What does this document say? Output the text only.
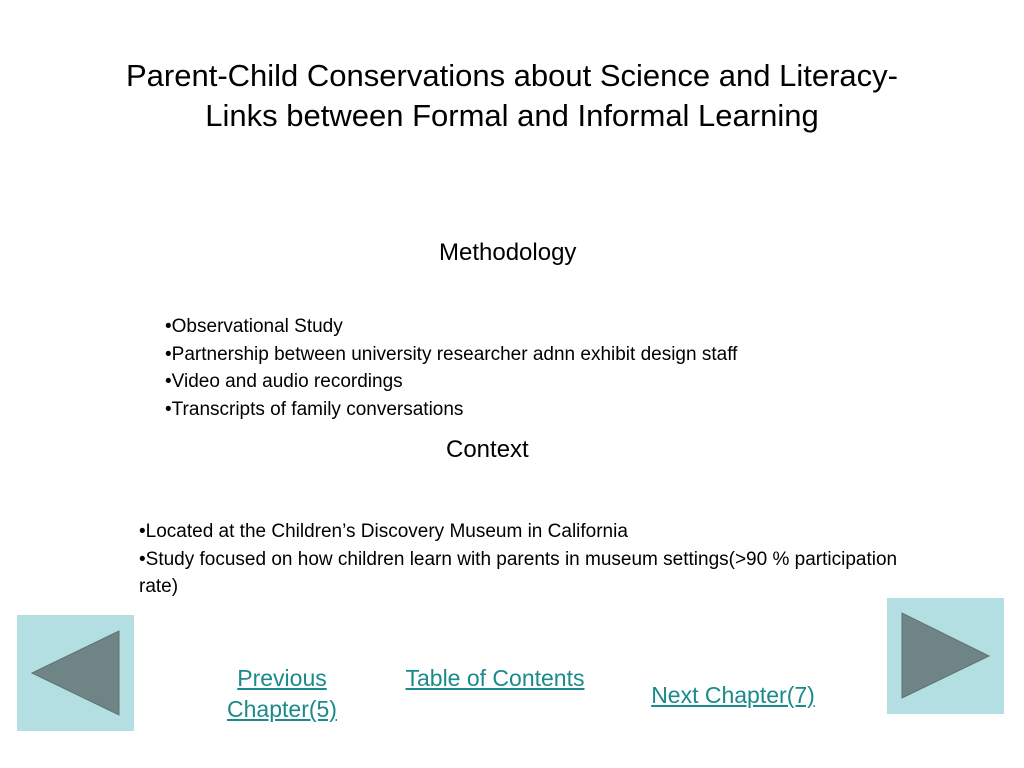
Parent-Child Conservations about Science and Literacy-
Links between Formal and Informal Learning
Methodology
•Observational Study
•Partnership between university researcher adnn exhibit design staff
•Video and audio recordings
•Transcripts of family conversations
Context
•Located at the Children’s Discovery Museum in California
•Study focused on how children learn with parents in museum settings(>90 % participation rate)
Previous
Chapter(5)
Table of Contents
Next Chapter(7)
